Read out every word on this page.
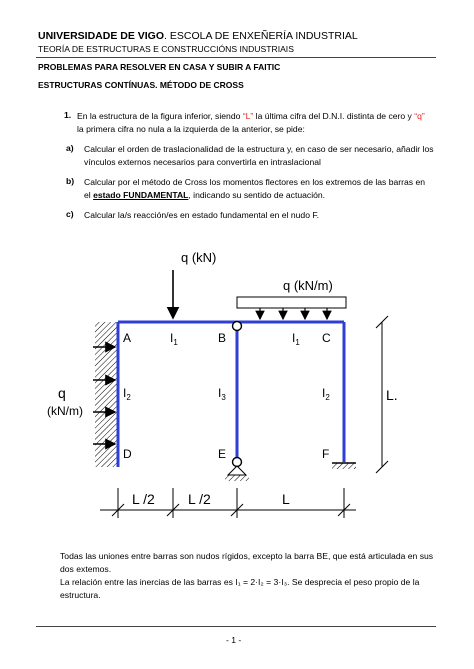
UNIVERSIDADE DE VIGO. ESCOLA DE ENXEÑERÍA INDUSTRIAL
TEORÍA DE ESTRUCTURAS E CONSTRUCCIÓNS INDUSTRIAIS
PROBLEMAS PARA RESOLVER EN CASA Y SUBIR A FAITIC
ESTRUCTURAS CONTÍNUAS. MÉTODO DE CROSS
1. En la estructura de la figura inferior, siendo “L” la última cifra del D.N.I. distinta de cero y “q” la primera cifra no nula a la izquierda de la anterior, se pide:
a) Calcular el orden de traslacionalidad de la estructura y, en caso de ser necesario, añadir los vínculos externos necesarios para convertirla en intraslacional
b) Calcular por el método de Cross los momentos flectores en los extremos de las barras en el estado FUNDAMENTAL, indicando su sentido de actuación.
c) Calcular la/s reacción/es en estado fundamental en el nudo F.
q
(kN/m)
q (kN)
q (kN/m)
A	B	C
D	E	F
$I_1$	$I_1$
$I_2$	$I_3$	$I_2$	L.
L /2 L /2	L
Todas las uniones entre barras son nudos rígidos, excepto la barra BE, que está articulada en sus dos extemos.
La relación entre las inercias de las barras es I₁ = 2·I₂ = 3·I₃. Se desprecia el peso propio de la estructura.
- 1 -
